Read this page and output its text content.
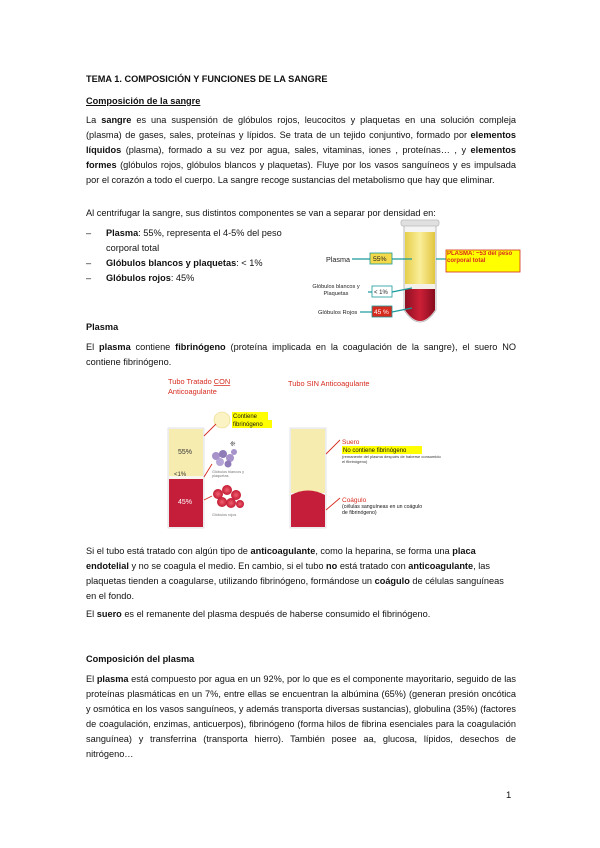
TEMA 1. COMPOSICIÓN Y FUNCIONES DE LA SANGRE
Composición de la sangre
La sangre es una suspensión de glóbulos rojos, leucocitos y plaquetas en una solución compleja (plasma) de gases, sales, proteínas y lípidos. Se trata de un tejido conjuntivo, formado por elementos líquidos (plasma), formado a su vez por agua, sales, vitaminas, iones , proteínas… , y elementos formes (glóbulos rojos, glóbulos blancos y plaquetas). Fluye por los vasos sanguíneos y es impulsada por el corazón a todo el cuerpo. La sangre recoge sustancias del metabolismo que hay que eliminar.
Al centrifugar la sangre, sus distintos componentes se van a separar por densidad en:
– Plasma: 55%, representa el 4-5% del peso corporal total
– Glóbulos blancos y plaquetas: < 1%
– Glóbulos rojos: 45%
Plasma	55%
PLASMA: ~53 del peso corporal total
Glóbulos blancos y Plaquetas	< 1%
Glóbulos Rojos	45 %
Plasma
El plasma contiene fibrinógeno (proteína implicada en la coagulación de la sangre), el suero NO contiene fibrinógeno.
Tubo Tratado CON
Anticoagulante
55%
<1%
45%
Contiene
fibrinógeno
❊
Glóbulos blancos y plaquetas
Glóbulos rojos
Tubo SIN Anticoagulante
Suero
No contiene fibrinógeno
(remanente del plasma después de haberse consumido el fibrinógeno)
Coágulo
(células sanguíneas en un coágulo de fibrinógeno)
Si el tubo está tratado con algún tipo de anticoagulante, como la heparina, se forma una placa endotelial y no se coagula el medio. En cambio, si el tubo no está tratado con anticoagulante, las plaquetas tienden a coagularse, utilizando fibrinógeno, formándose un coágulo de células sanguíneas en el fondo.
El suero es el remanente del plasma después de haberse consumido el fibrinógeno.
Composición del plasma
El plasma está compuesto por agua en un 92%, por lo que es el componente mayoritario, seguido de las proteínas plasmáticas en un 7%, entre ellas se encuentran la albúmina (65%) (generan presión oncótica y osmótica en los vasos sanguíneos, y además transporta diversas sustancias), globulina (35%) (factores de coagulación, enzimas, anticuerpos), fibrinógeno (forma hilos de fibrina esenciales para la coagulación sanguínea) y transferrina (transporta hierro). También posee aa, glucosa, lípidos, desechos de nitrógeno…
1
